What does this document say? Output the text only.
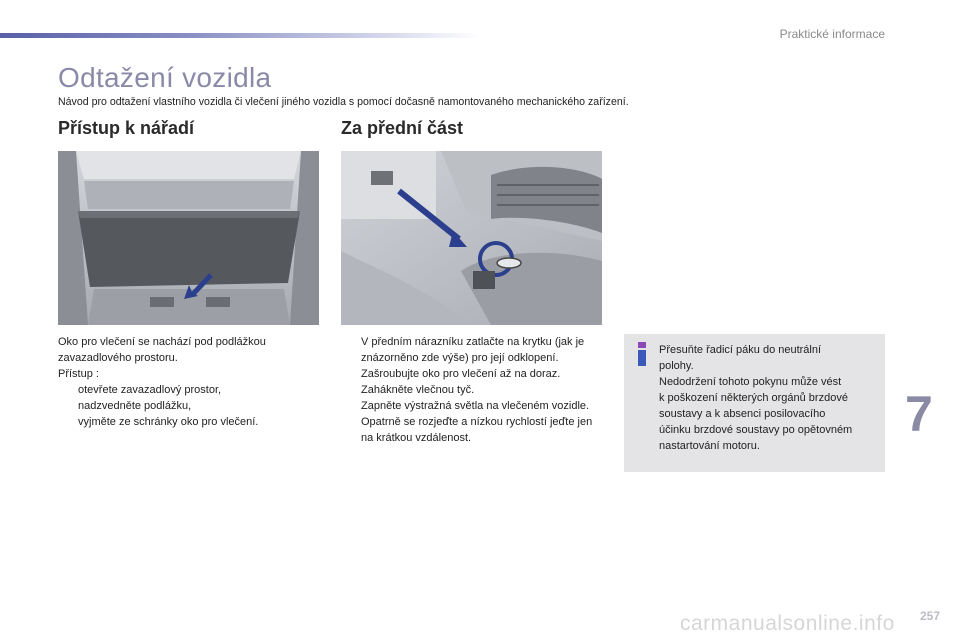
Praktické informace
Odtažení vozidla
Návod pro odtažení vlastního vozidla či vlečení jiného vozidla s pomocí dočasně namontovaného mechanického zařízení.
Přístup k nářadí	Za přední část
Oko pro vlečení se nachází pod podlážkou zavazadlového prostoru.
Přístup :
otevřete zavazadlový prostor,
nadzvedněte podlážku,
vyjměte ze schránky oko pro vlečení.
V předním nárazníku zatlačte na krytku (jak je znázorněno zde výše) pro její odklopení.
Zašroubujte oko pro vlečení až na doraz.
Zahákněte vlečnou tyč.
Zapněte výstražná světla na vlečeném vozidle.
Opatrně se rozjeďte a nízkou rychlostí jeďte jen na krátkou vzdálenost.
Přesuňte řadicí páku do neutrální
polohy.
Nedodržení tohoto pokynu může vést
k poškození některých orgánů brzdové
soustavy a k absenci posilovacího
účinku brzdové soustavy po opětovném
nastartování motoru.
7
257
carmanualsonline.info
